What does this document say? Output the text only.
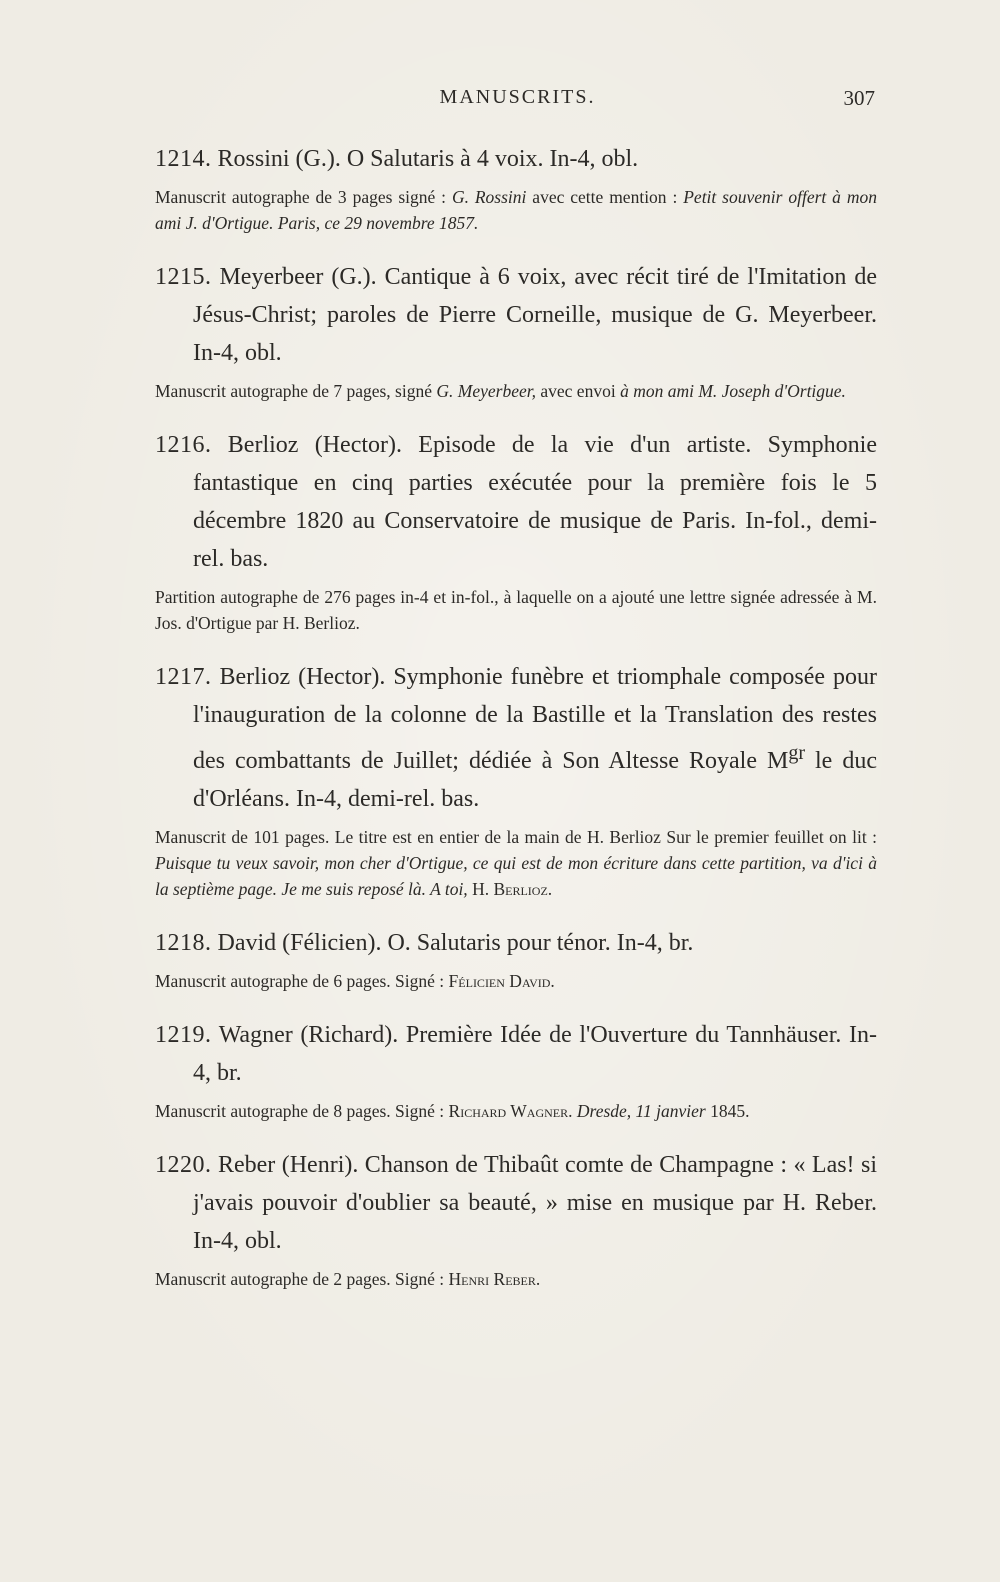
MANUSCRITS.	307

1214. Rossini (G.). O Salutaris à 4 voix. In-4, obl.

Manuscrit autographe de 3 pages signé : G. Rossini avec cette mention : Petit souvenir offert à mon ami J. d'Ortigue. Paris, ce 29 novembre 1857.

1215. Meyerbeer (G.). Cantique à 6 voix, avec récit tiré de l'Imitation de Jésus-Christ; paroles de Pierre Corneille, musique de G. Meyerbeer. In-4, obl.

Manuscrit autographe de 7 pages, signé G. Meyerbeer, avec envoi à mon ami M. Joseph d'Ortigue.

1216. Berlioz (Hector). Episode de la vie d'un artiste. Symphonie fantastique en cinq parties exécutée pour la première fois le 5 décembre 1820 au Conservatoire de musique de Paris. In-fol., demi-rel. bas.

Partition autographe de 276 pages in-4 et in-fol., à laquelle on a ajouté une lettre signée adressée à M. Jos. d'Ortigue par H. Berlioz.

1217. Berlioz (Hector). Symphonie funèbre et triomphale composée pour l'inauguration de la colonne de la Bastille et la Translation des restes des combattants de Juillet; dédiée à Son Altesse Royale $M^{gr}$ le duc d'Orléans. In-4, demi-rel. bas.

Manuscrit de 101 pages. Le titre est en entier de la main de H. Berlioz Sur le premier feuillet on lit : Puisque tu veux savoir, mon cher d'Ortigue, ce qui est de mon écriture dans cette partition, va d'ici à la septième page. Je me suis reposé là. A toi, H. Berlioz.

1218. David (Félicien). O. Salutaris pour ténor. In-4, br.

Manuscrit autographe de 6 pages. Signé : Félicien David.

1219. Wagner (Richard). Première Idée de l'Ouverture du Tannhäuser. In-4, br.

Manuscrit autographe de 8 pages. Signé : Richard Wagner. Dresde, 11 janvier 1845.

1220. Reber (Henri). Chanson de Thibaût comte de Champagne : « Las! si j'avais pouvoir d'oublier sa beauté, » mise en musique par H. Reber. In-4, obl.

Manuscrit autographe de 2 pages. Signé : Henri Reber.
